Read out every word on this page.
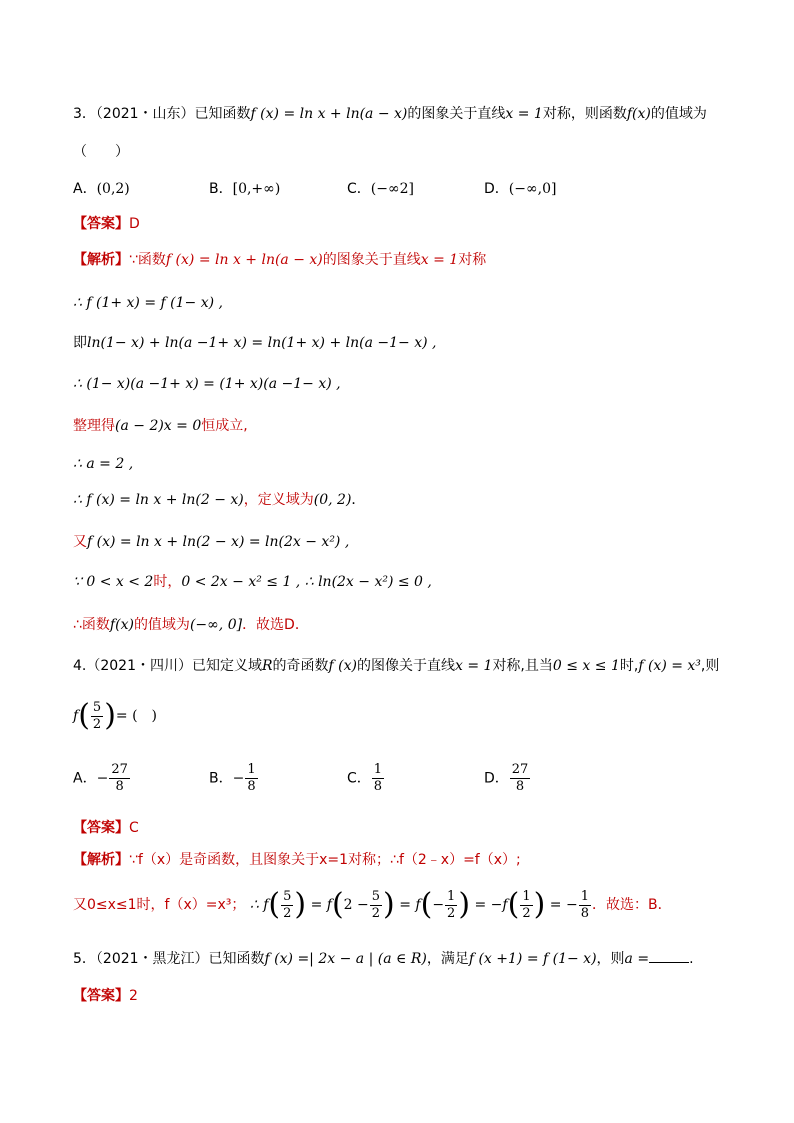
3．（2021・山东）已知函数f (x) = ln x + ln(a − x)的图象关于直线x = 1对称，则函数f(x)的值域为
（　　）
A．(0,2)	B．[0,+∞)	C．(−∞2]	D．(−∞,0]
【答案】D
【解析】∵函数f (x) = ln x + ln(a − x)的图象关于直线x = 1对称
∴ f (1+ x) = f (1− x) ,
即ln(1− x) + ln(a −1+ x) = ln(1+ x) + ln(a −1− x) ,
∴ (1− x)(a −1+ x) = (1+ x)(a −1− x) ,
整理得(a − 2)x = 0恒成立,
∴ a = 2 ,
∴ f (x) = ln x + ln(2 − x)，定义域为(0, 2)．
又f (x) = ln x + ln(2 − x) = ln(2x − x²) ,
∵ 0 < x < 2时，0 < 2x − x² ≤ 1 , ∴ ln(2x − x²) ≤ 0 ,
∴函数f(x)的值域为(−∞, 0]．故选D．
4.（2021・四川）已知定义域R的奇函数f (x)的图像关于直线x = 1对称,且当0 ≤ x ≤ 1时,f (x) = x³,则
$f( \frac{5}{2}$ )= (　)
A．− $\frac{27}{8}$	B．− $\frac{1}{8}$	C． $\frac{1}{8}$	D． $\frac{27}{8}$
【答案】C
【解析】∵f（x）是奇函数，且图象关于x=1对称；∴f（2﹣x）=f（x）;
又0≤x≤1时，f（x）=x³； ∴ $f( \frac{5}{2}$ ) = $f(2 - \frac{5}{2}$ ) = $f(- \frac{1}{2}$ ) = $-f( \frac{1}{2}$ ) = − $\frac{1}{8}$ ．故选：B．
5．（2021・黑龙江）已知函数f (x) =| 2x − a | (a ∈ R)，满足f (x +1) = f (1− x)，则a =	.
【答案】2
